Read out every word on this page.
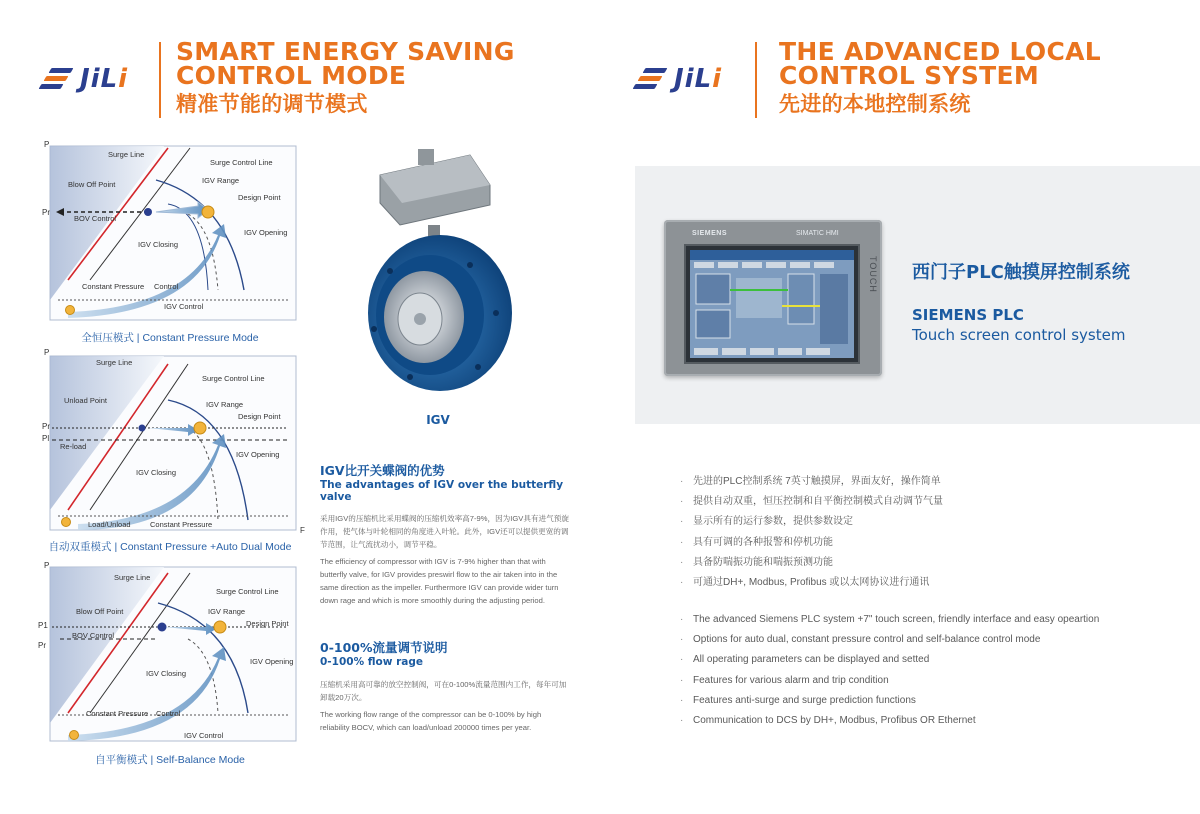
JiLi
SMART ENERGY SAVING
CONTROL MODE
精准节能的调节模式
P
Surge Line
Surge Control Line
Blow Off Point	IGV Range
Design Point
BOV Control
IGV Closing
IGV Opening
Pr
Constant Pressure Control
IGV Control
全恒压模式 | Constant Pressure Mode
P
F
Surge Line
Surge Control Line
Unload Point	IGV Range
Design Point
Re-load
IGV Closing
IGV Opening
Pr
Pl
Load/Unload	Constant Pressure
自动双重模式 | Constant Pressure +Auto Dual Mode
P
Surge Line
Surge Control Line
Blow Off Point	IGV Range
Design Point
BOV Control
IGV Closing
IGV Opening
P1
Pr
Constant Pressure Control
IGV Control
自平衡模式 | Self-Balance Mode
IGV
IGV比开关蝶阀的优势
The advantages of IGV over the butterfly valve

采用IGV的压缩机比采用蝶阀的压缩机效率高7-9%，因为IGV具有进气预旋作用，使气体与叶轮相同的角度进入叶轮。此外，IGV还可以提供更宽的调节范围，让气流扰动小，调节平稳。

The efficiency of compressor with IGV is 7-9% higher than that with butterfly valve, for IGV provides preswirl flow to the air taken into in the same direction as the impeller. Furthermore IGV can provide wider turn down rage and which is more smoothly during the adjusting period.

0-100%流量调节说明
0-100% flow rage

压缩机采用高可靠的放空控制阀，可在0-100%流量范围内工作，每年可加卸载20万次。

The working flow range of the compressor can be 0-100% by high reliability BOCV, which can load/unload 200000 times per year.

JiLi
THE ADVANCED LOCAL
CONTROL SYSTEM
先进的本地控制系统
SIEMENS	SIMATIC HMI
TOUCH 西门子PLC触摸屏控制系统
SIEMENS PLC
Touch screen control system
· 先进的PLC控制系统 7英寸触摸屏，界面友好，操作简单
· 提供自动双重，恒压控制和自平衡控制模式自动调节气量
· 显示所有的运行参数，提供参数设定
· 具有可调的各种报警和停机功能
· 具备防喘振功能和喘振预测功能
· 可通过DH+, Modbus, Profibus 或以太网协议进行通讯
· The advanced Siemens PLC system +7" touch screen, friendly interface and easy opeartion
· Options for auto dual, constant pressure control and self-balance control mode
· All operating parameters can be displayed and setted
· Features for various alarm and trip condition
· Features anti-surge and surge prediction functions
· Communication to DCS by DH+, Modbus, Profibus OR Ethernet
